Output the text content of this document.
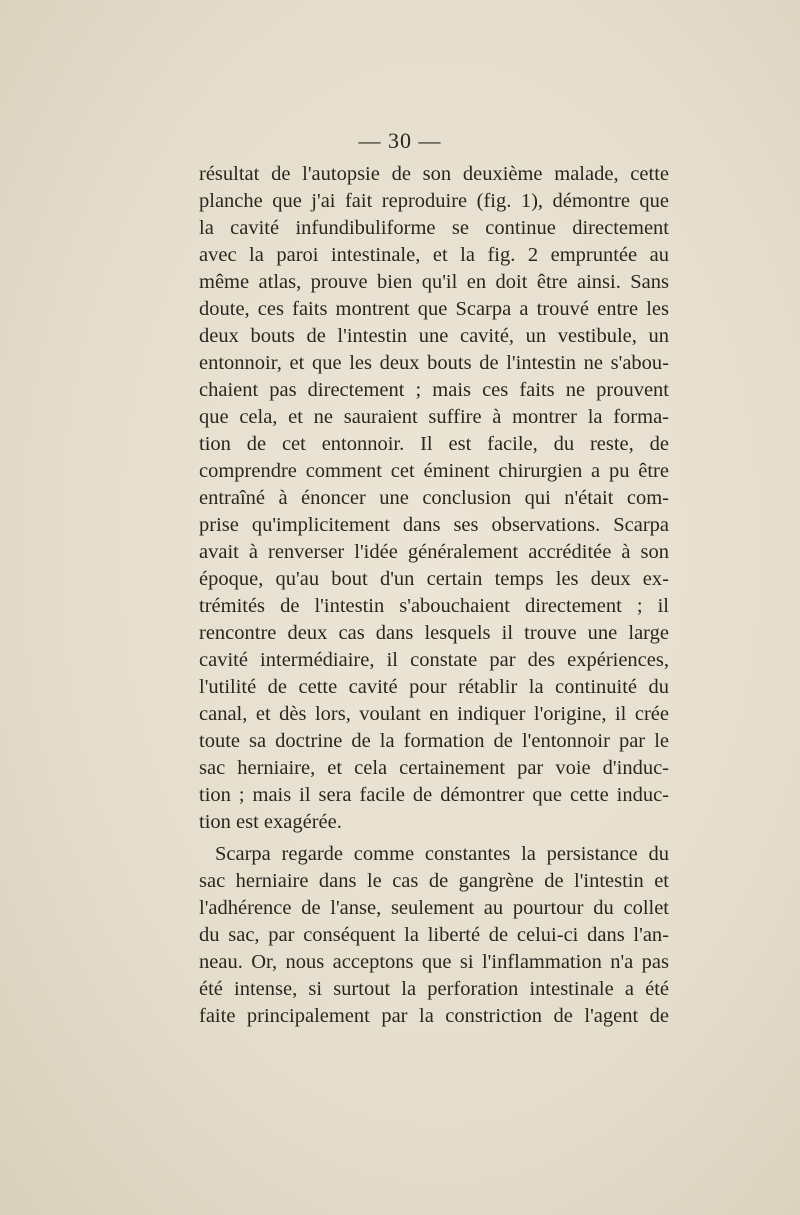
— 30 —
résultat de l'autopsie de son deuxième malade, cette
planche que j'ai fait reproduire (fig. 1), démontre que
la cavité infundibuliforme se continue directement
avec la paroi intestinale, et la fig. 2 empruntée au
même atlas, prouve bien qu'il en doit être ainsi. Sans
doute, ces faits montrent que Scarpa a trouvé entre les
deux bouts de l'intestin une cavité, un vestibule, un
entonnoir, et que les deux bouts de l'intestin ne s'abou-
chaient pas directement ; mais ces faits ne prouvent
que cela, et ne sauraient suffire à montrer la forma-
tion de cet entonnoir. Il est facile, du reste, de
comprendre comment cet éminent chirurgien a pu être
entraîné à énoncer une conclusion qui n'était com-
prise qu'implicitement dans ses observations. Scarpa
avait à renverser l'idée généralement accréditée à son
époque, qu'au bout d'un certain temps les deux ex-
trémités de l'intestin s'abouchaient directement ; il
rencontre deux cas dans lesquels il trouve une large
cavité intermédiaire, il constate par des expériences,
l'utilité de cette cavité pour rétablir la continuité du
canal, et dès lors, voulant en indiquer l'origine, il crée
toute sa doctrine de la formation de l'entonnoir par le
sac herniaire, et cela certainement par voie d'induc-
tion ; mais il sera facile de démontrer que cette induc-
tion est exagérée.
Scarpa regarde comme constantes la persistance du
sac herniaire dans le cas de gangrène de l'intestin et
l'adhérence de l'anse, seulement au pourtour du collet
du sac, par conséquent la liberté de celui-ci dans l'an-
neau. Or, nous acceptons que si l'inflammation n'a pas
été intense, si surtout la perforation intestinale a été
faite principalement par la constriction de l'agent de
